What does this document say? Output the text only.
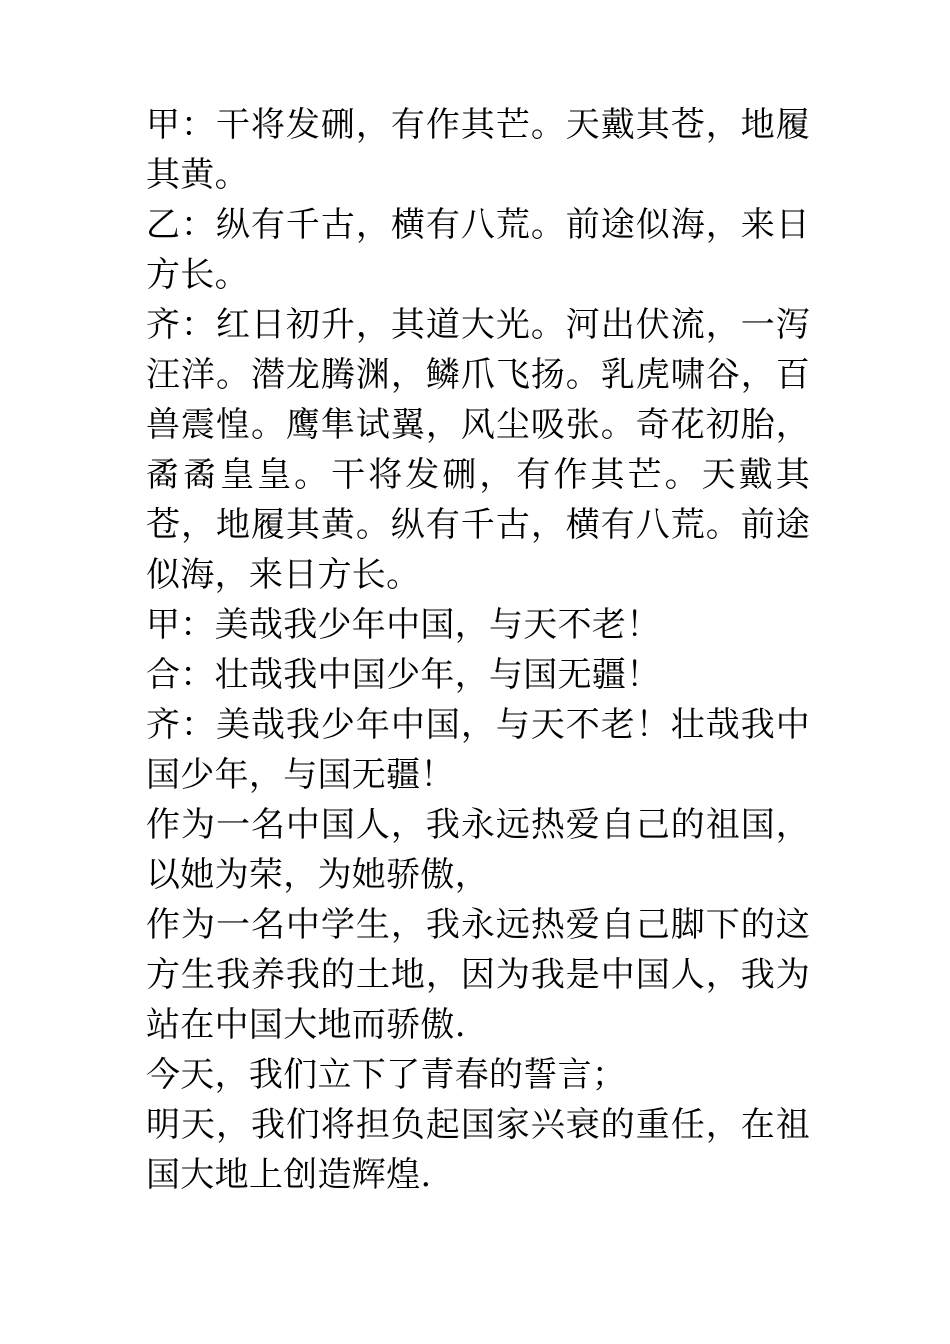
甲：干将发硎，有作其芒。天戴其苍，地履其黄。

乙：纵有千古，横有八荒。前途似海，来日方长。

齐：红日初升，其道大光。河出伏流，一泻汪洋。潜龙腾渊，鳞爪飞扬。乳虎啸谷，百兽震惶。鹰隼试翼，风尘吸张。奇花初胎，矞矞皇皇。干将发硎，有作其芒。天戴其苍，地履其黄。纵有千古，横有八荒。前途似海，来日方长。

甲：美哉我少年中国，与天不老！

合：壮哉我中国少年，与国无疆！

齐：美哉我少年中国，与天不老！壮哉我中国少年，与国无疆！

作为一名中国人，我永远热爱自己的祖国，以她为荣，为她骄傲，

作为一名中学生，我永远热爱自己脚下的这方生我养我的土地，因为我是中国人，我为站在中国大地而骄傲.

今天，我们立下了青春的誓言；

明天，我们将担负起国家兴衰的重任，在祖国大地上创造辉煌.
